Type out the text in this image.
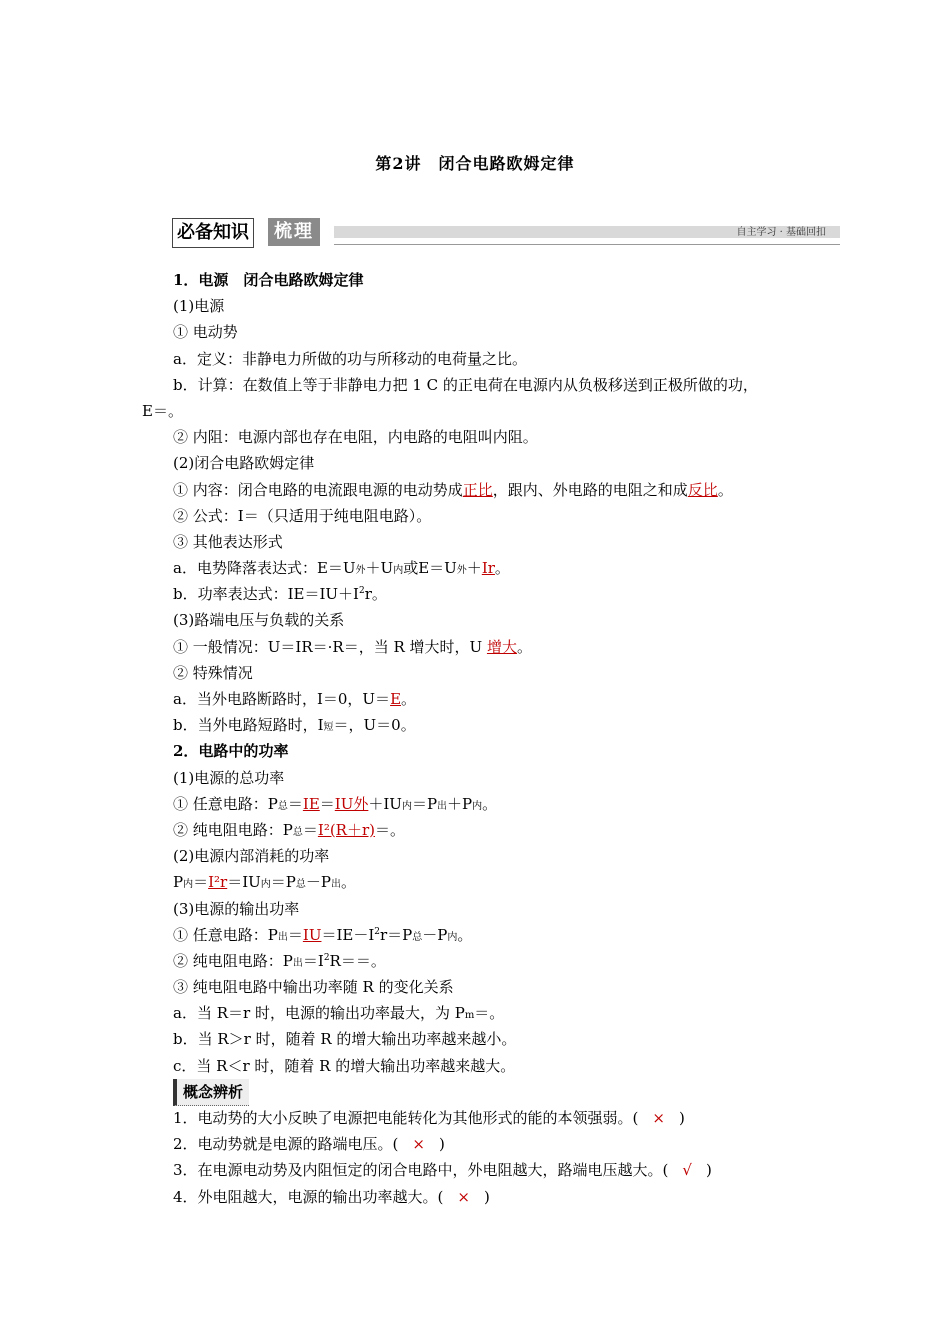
第2讲　闭合电路欧姆定律
必备知识	梳理	自主学习 · 基础回扣
1．电源　闭合电路欧姆定律
(1)电源
① 电动势
a．定义：非静电力所做的功与所移动的电荷量之比。
b．计算：在数值上等于非静电力把 1 C 的正电荷在电源内从负极移送到正极所做的功，
E＝。
② 内阻：电源内部也存在电阻，内电路的电阻叫内阻。
(2)闭合电路欧姆定律
① 内容：闭合电路的电流跟电源的电动势成正比，跟内、外电路的电阻之和成反比。
② 公式：I＝（只适用于纯电阻电路）。
③ 其他表达形式
a．电势降落表达式：E＝U外＋U内或E＝U外＋Ir。
b．功率表达式：$IE=IU+I^2r$。
(3)路端电压与负载的关系
① 一般情况：U＝IR＝·R＝，当 R 增大时，U 增大。
② 特殊情况
a．当外电路断路时，I＝0，U＝E。
b．当外电路短路时，I短＝，U＝0。
2．电路中的功率
(1)电源的总功率
① 任意电路：P总＝IE＝IU外＋IU内＝P出＋P内。
② 纯电阻电路：P总＝I²(R＋r)＝。
(2)电源内部消耗的功率
P内＝I²r＝IU内＝P总－P出。
(3)电源的输出功率
① 任意电路：P出$=IU=IE-I^2r=P$总－P内。
② 纯电阻电路：P出$=I^2R==$。
③ 纯电阻电路中输出功率随 R 的变化关系
a．当 R＝r 时，电源的输出功率最大，为 Pm＝。
b．当 R＞r 时，随着 R 的增大输出功率越来越小。
c．当 R＜r 时，随着 R 的增大输出功率越来越大。
概念辨析
1．电动势的大小反映了电源把电能转化为其他形式的能的本领强弱。( × )
2．电动势就是电源的路端电压。( × )
3．在电源电动势及内阻恒定的闭合电路中，外电阻越大，路端电压越大。( √ )
4．外电阻越大，电源的输出功率越大。( × )
